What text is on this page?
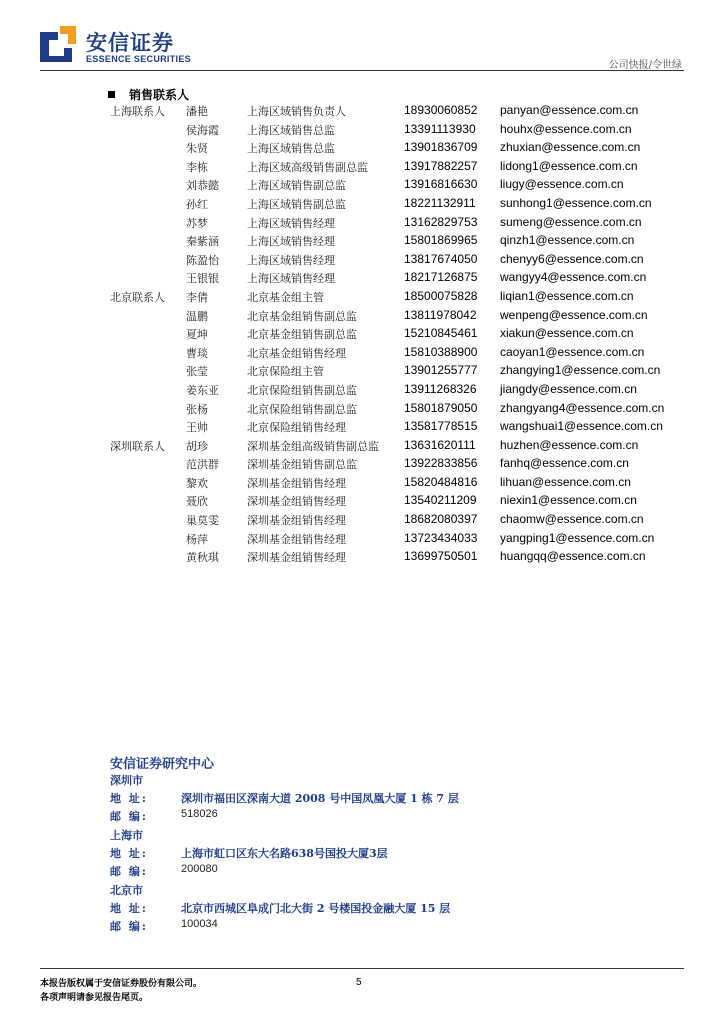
安信证券
ESSENCE SECURITIES
公司快报/令世绿
销售联系人
上海联系人 潘艳	上海区域销售负责人	18930060852 panyan@essence.com.cn
侯海霞	上海区域销售总监	13391113930 houhx@essence.com.cn
朱贤	上海区域销售总监	13901836709 zhuxian@essence.com.cn
李栋	上海区域高级销售副总监	13917882257 lidong1@essence.com.cn
刘恭懿	上海区域销售副总监	13916816630 liugy@essence.com.cn
孙红	上海区域销售副总监	18221132911 sunhong1@essence.com.cn
苏梦	上海区域销售经理	13162829753 sumeng@essence.com.cn
秦紫涵	上海区域销售经理	15801869965 qinzh1@essence.com.cn
陈盈怡	上海区域销售经理	13817674050 chenyy6@essence.com.cn
王银银	上海区域销售经理	18217126875 wangyy4@essence.com.cn
北京联系人 李倩	北京基金组主管	18500075828 liqian1@essence.com.cn
温鹏	北京基金组销售副总监	13811978042 wenpeng@essence.com.cn
夏坤	北京基金组销售副总监	15210845461 xiakun@essence.com.cn
曹琰	北京基金组销售经理	15810388900 caoyan1@essence.com.cn
张莹	北京保险组主管	13901255777 zhangying1@essence.com.cn
姜东亚	北京保险组销售副总监	13911268326 jiangdy@essence.com.cn
张杨	北京保险组销售副总监	15801879050 zhangyang4@essence.com.cn
王帅	北京保险组销售经理	13581778515 wangshuai1@essence.com.cn
深圳联系人 胡珍	深圳基金组高级销售副总监 13631620111 huzhen@essence.com.cn
范洪群	深圳基金组销售副总监	13922833856 fanhq@essence.com.cn
黎欢	深圳基金组销售经理	15820484816 lihuan@essence.com.cn
聂欣	深圳基金组销售经理	13540211209 niexin1@essence.com.cn
巢莫雯	深圳基金组销售经理	18682080397 chaomw@essence.com.cn
杨萍	深圳基金组销售经理	13723434033 yangping1@essence.com.cn
黄秋琪	深圳基金组销售经理	13699750501 huangqq@essence.com.cn
安信证券研究中心
深圳市
地 址:	深圳市福田区深南大道 2008 号中国凤凰大厦 1 栋 7 层
邮 编:	518026
上海市
地 址:	上海市虹口区东大名路638号国投大厦3层
邮 编:	200080
北京市
地 址:	北京市西城区阜成门北大街 2 号楼国投金融大厦 15 层
邮 编:	100034
本报告版权属于安信证券股份有限公司。
各项声明请参见报告尾页。
5
